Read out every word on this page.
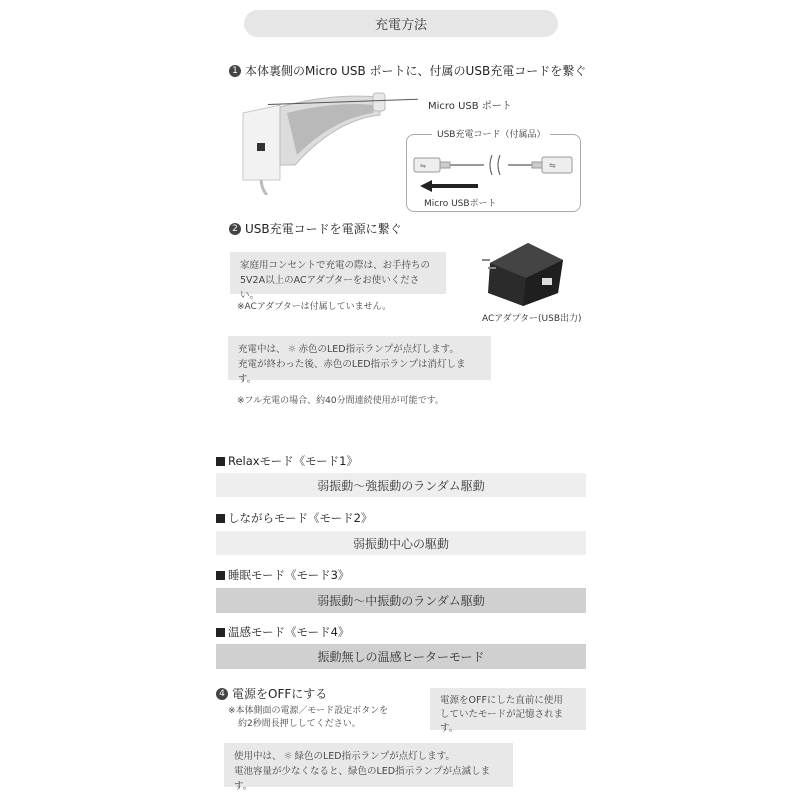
充電方法
1 本体裏側のMicro USB ポートに、付属のUSB充電コードを繋ぐ
Micro USB ポート
USB充電コード（付属品）
⇋	⇋
Micro USBポート
2 USB充電コードを電源に繋ぐ
家庭用コンセントで充電の際は、お手持ちの
5V2A以上のACアダプターをお使いください。
※ACアダプターは付属していません。
ACアダプター(USB出力)
充電中は、 ☼ 赤色のLED指示ランプが点灯します。
充電が終わった後、赤色のLED指示ランプは消灯します。
※フル充電の場合、約40分間連続使用が可能です。
Relaxモード《モード1》
弱振動～強振動のランダム駆動
しながらモード《モード2》
弱振動中心の駆動
睡眠モード《モード3》
弱振動～中振動のランダム駆動
温感モード《モード4》
振動無しの温感ヒーターモード
4 電源をOFFにする
※本体側面の電源／モード設定ボタンを
約2秒間長押ししてください。
電源をOFFにした直前に使用
していたモードが記憶されます。
使用中は、 ☼ 緑色のLED指示ランプが点灯します。
電池容量が少なくなると、緑色のLED指示ランプが点滅します。
